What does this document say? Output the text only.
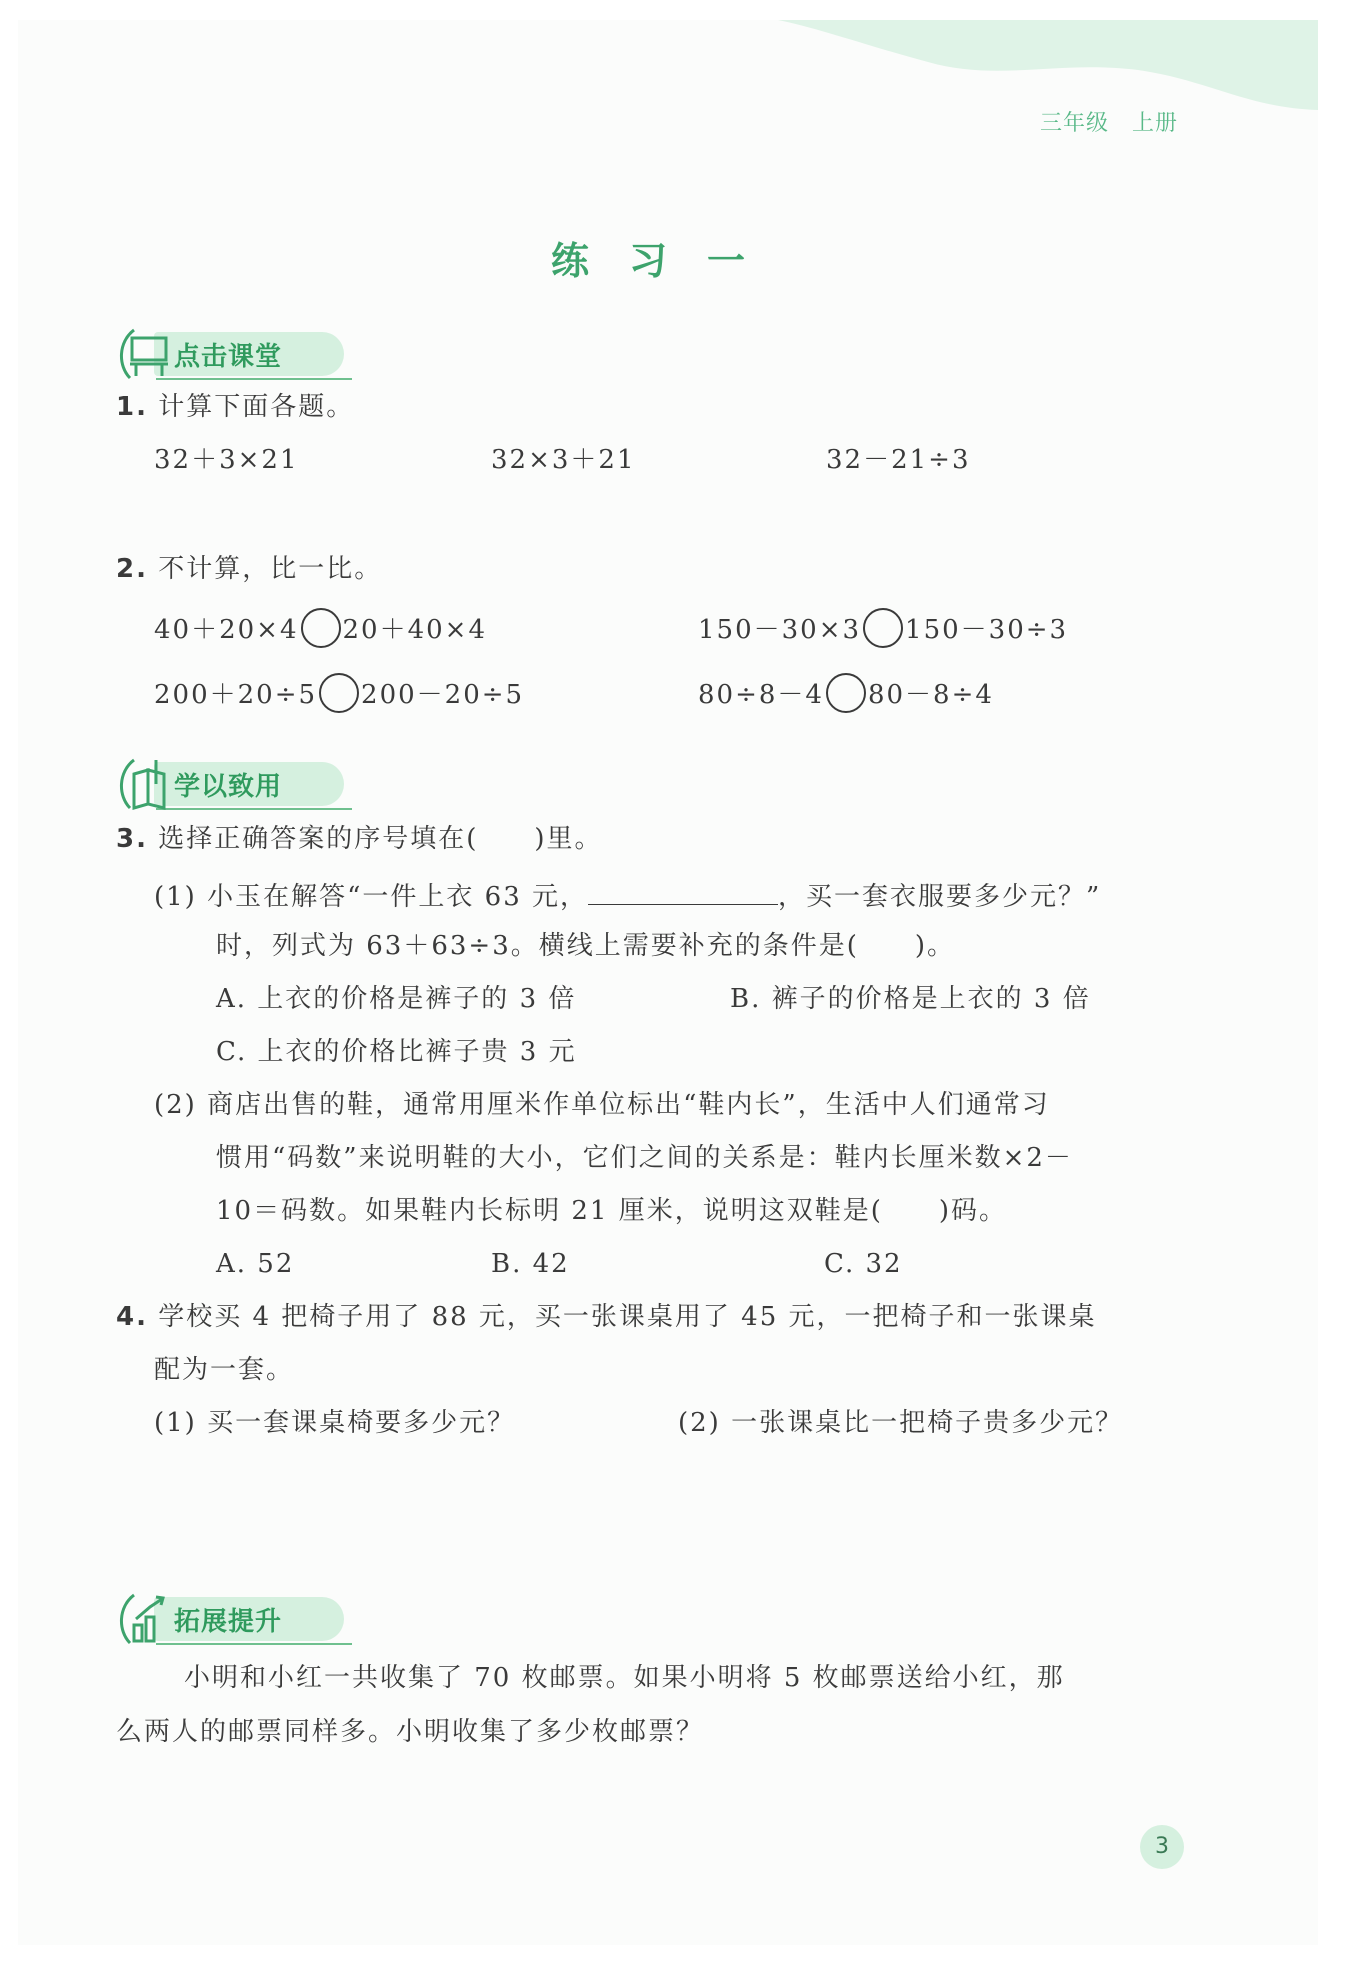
三年级　上册
练习一
点击课堂
1. 计算下面各题。
32＋3×21	32×3＋21	32－21÷3
2. 不计算，比一比。
40＋20×4 20＋40×4	150－30×3 150－30÷3
200＋20÷5 200－20÷5	80÷8－4 80－8÷4
学以致用
3. 选择正确答案的序号填在( )里。
(1) 小玉在解答“一件上衣 63 元，	，买一套衣服要多少元？”
时，列式为 63＋63÷3。横线上需要补充的条件是( )。
A. 上衣的价格是裤子的 3 倍	B. 裤子的价格是上衣的 3 倍
C. 上衣的价格比裤子贵 3 元
(2) 商店出售的鞋，通常用厘米作单位标出“鞋内长”，生活中人们通常习
惯用“码数”来说明鞋的大小，它们之间的关系是：鞋内长厘米数×2－
10＝码数。如果鞋内长标明 21 厘米，说明这双鞋是( )码。
A. 52	B. 42	C. 32
4. 学校买 4 把椅子用了 88 元，买一张课桌用了 45 元，一把椅子和一张课桌
配为一套。
(1) 买一套课桌椅要多少元？	(2) 一张课桌比一把椅子贵多少元？
拓展提升
小明和小红一共收集了 70 枚邮票。如果小明将 5 枚邮票送给小红，那
么两人的邮票同样多。小明收集了多少枚邮票？
3
